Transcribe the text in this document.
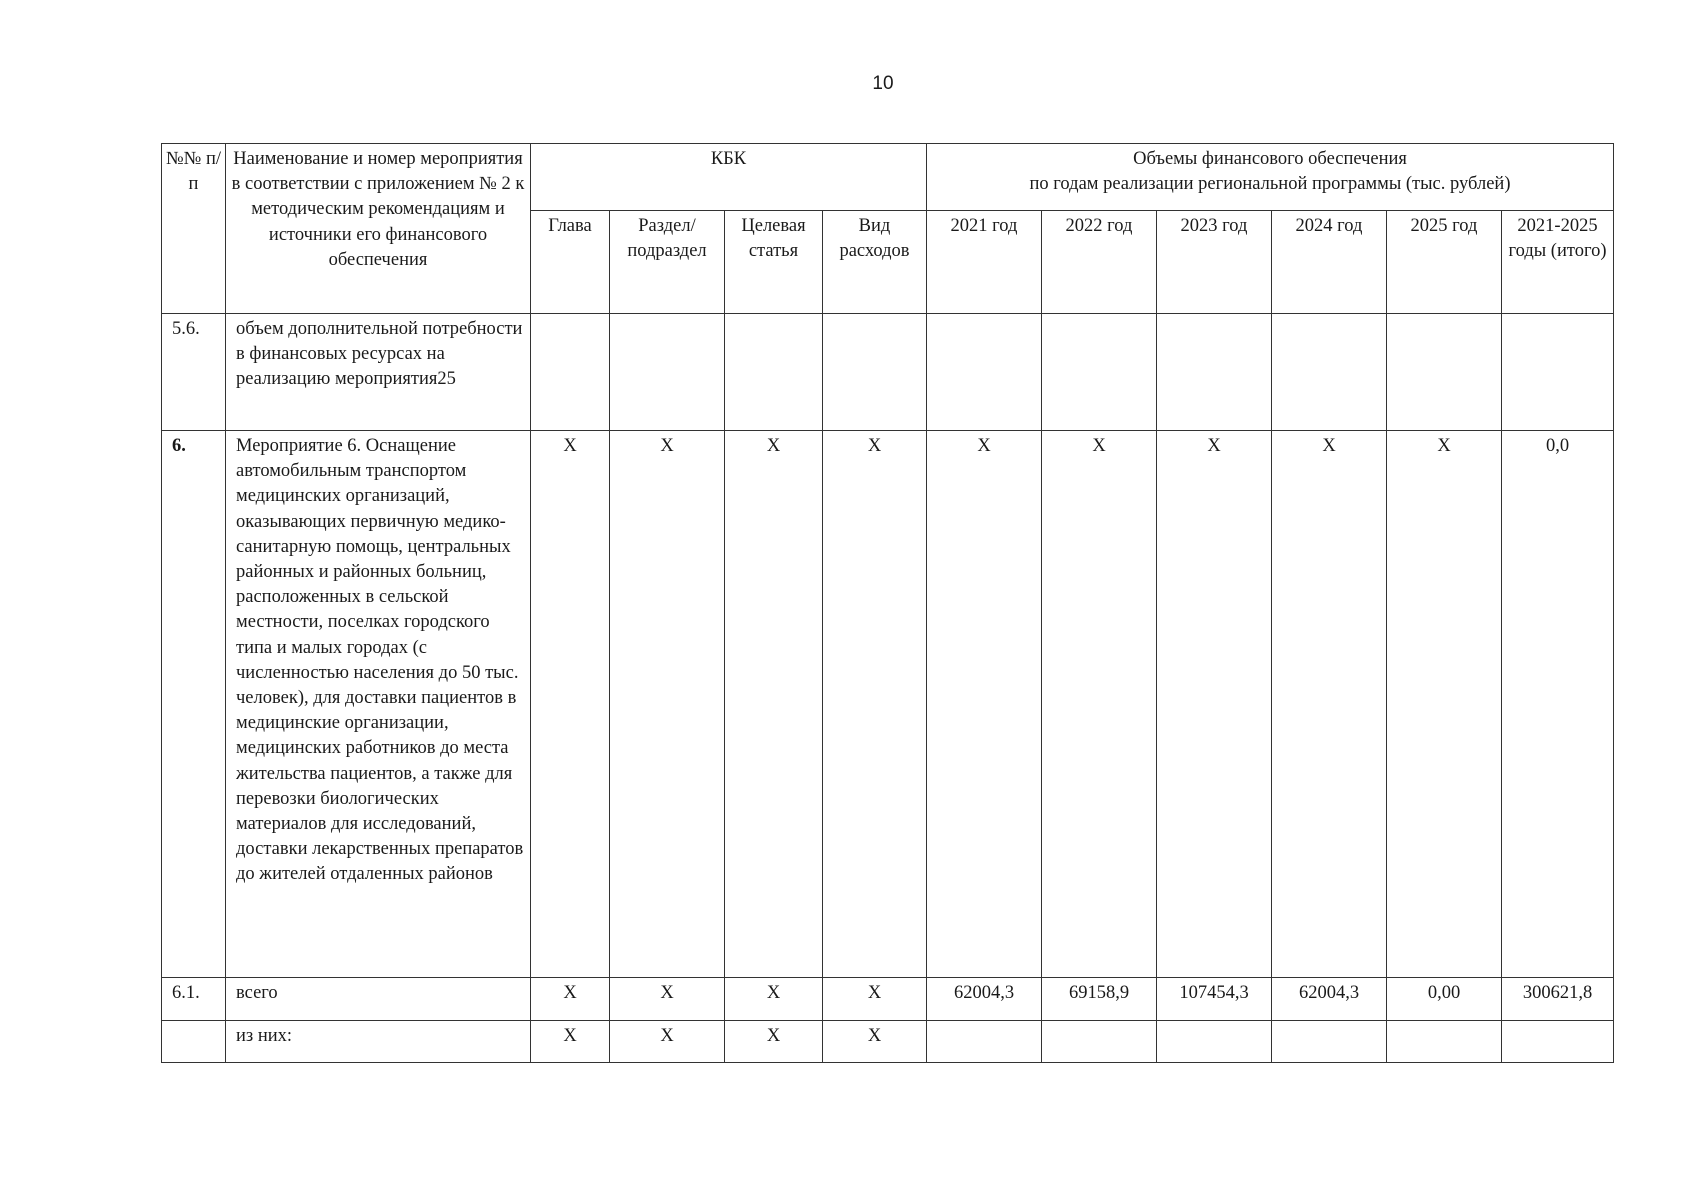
10
№№ п/п	Наименование и номер мероприятия в соответствии с приложением № 2 к методическим рекомендациям и источники его финансового обеспечения	КБК				Объемы финансового обеспечения
по годам реализации региональной программы (тыс. рублей)					

		Глава	Раздел/ подраздел	Целевая статья	Вид расходов	2021 год	2022 год	2023 год	2024 год	2025 год	2021-2025 годы (итого)
5.6.	объем дополнительной потребности в финансовых ресурсах на реализацию мероприятия25										
6.	Мероприятие 6. Оснащение автомобильным транспортом медицинских организаций, оказывающих первичную медико-санитарную помощь, центральных районных и районных больниц, расположенных в сельской местности, поселках городского типа и малых городах (с численностью населения до 50 тыс. человек), для доставки пациентов в медицинские организации, медицинских работников до места жительства пациентов, а также для перевозки биологических материалов для исследований, доставки лекарственных препаратов до жителей отдаленных районов	X	X	X	X	X	X	X	X	X	0,0
6.1.	всего	X	X	X	X	62004,3	69158,9	107454,3	62004,3	0,00	300621,8
	из них:	X	X	X	X						
